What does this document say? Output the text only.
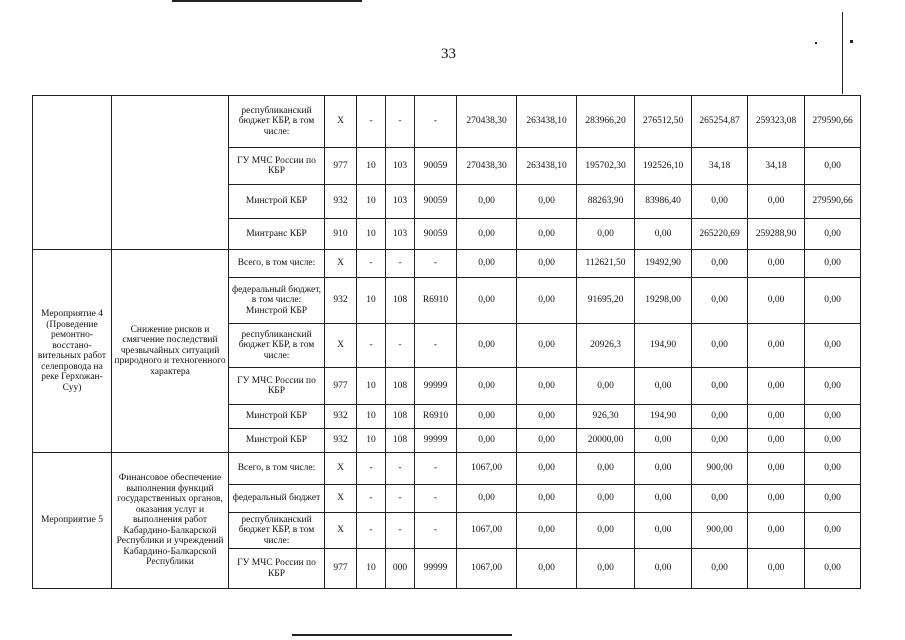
33
		республиканский бюджет КБР, в том числе:	X	-	-	-	270438,30	263438,10	283966,20	276512,50	265254,87	259323,08	279590,66
		ГУ МЧС России по КБР	977	10	103	90059	270438,30	263438,10	195702,30	192526,10	34,18	34,18	0,00
		Минстрой КБР	932	10	103	90059	0,00	0,00	88263,90	83986,40	0,00	0,00	279590,66
		Минтранс КБР	910	10	103	90059	0,00	0,00	0,00	0,00	265220,69	259288,90	0,00
Мероприятие 4 (Проведение ремонтно-восстано-вительных работ селепровода на реке Герхожан-Суу)	Снижение рисков и смягчение последствий чрезвычайных ситуаций природного и техногенного характера	Всего, в том числе:	X	-	-	-	0,00	0,00	112621,50	19492,90	0,00	0,00	0,00
		федеральный бюджет, в том числе: Минстрой КБР	932	10	108	R6910	0,00	0,00	91695,20	19298,00	0,00	0,00	0,00
		республиканский бюджет КБР, в том числе:	X	-	-	-	0,00	0,00	20926,3	194,90	0,00	0,00	0,00
		ГУ МЧС России по КБР	977	10	108	99999	0,00	0,00	0,00	0,00	0,00	0,00	0,00
		Минстрой КБР	932	10	108	R6910	0,00	0,00	926,30	194,90	0,00	0,00	0,00
		Минстрой КБР	932	10	108	99999	0,00	0,00	20000,00	0,00	0,00	0,00	0,00
Мероприятие 5	Финансовое обеспечение выполнения функций государственных органов, оказания услуг и выполнения работ Кабардино-Балкарской Республики и учреждений Кабардино-Балкарской Республики	Всего, в том числе:	X	-	-	-	1067,00	0,00	0,00	0,00	900,00	0,00	0,00
		федеральный бюджет	X	-	-	-	0,00	0,00	0,00	0,00	0,00	0,00	0,00
		республиканский бюджет КБР, в том числе:	X	-	-	-	1067,00	0,00	0,00	0,00	900,00	0,00	0,00
		ГУ МЧС России по КБР	977	10	000	99999	1067,00	0,00	0,00	0,00	0,00	0,00	0,00
